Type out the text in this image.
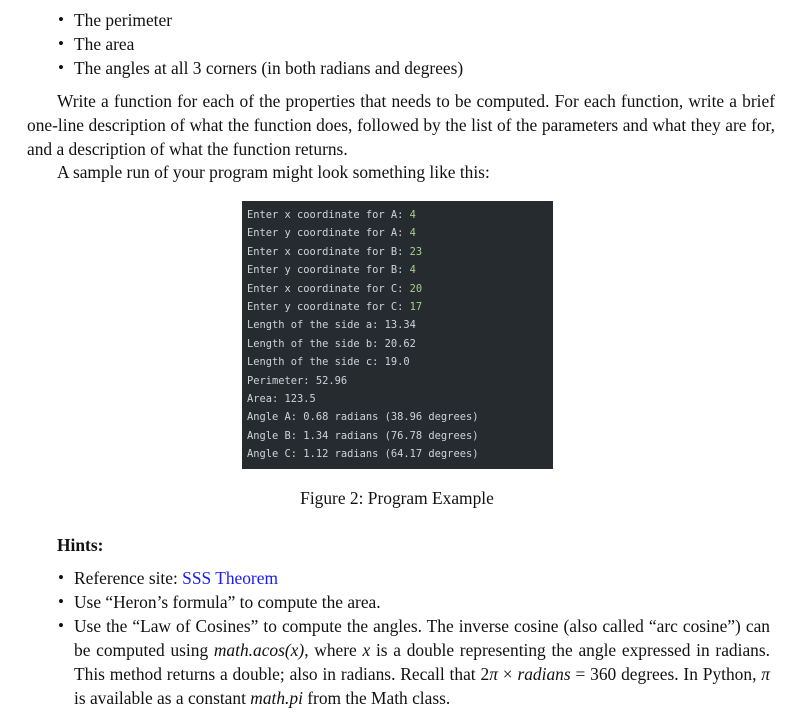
• The perimeter
• The area
• The angles at all 3 corners (in both radians and degrees)

Write a function for each of the properties that needs to be computed. For each function, write a brief one-line description of what the function does, followed by the list of the parameters and what they are for, and a description of what the function returns.

A sample run of your program might look something like this:

Enter x coordinate for A: 4
Enter y coordinate for A: 4
Enter x coordinate for B: 23
Enter y coordinate for B: 4
Enter x coordinate for C: 20
Enter y coordinate for C: 17
Length of the side a: 13.34
Length of the side b: 20.62
Length of the side c: 19.0
Perimeter: 52.96
Area: 123.5
Angle A: 0.68 radians (38.96 degrees)
Angle B: 1.34 radians (76.78 degrees)
Angle C: 1.12 radians (64.17 degrees)
Figure 2: Program Example
Hints:
• Reference site: SSS Theorem
• Use “Heron’s formula” to compute the area.
• Use the “Law of Cosines” to compute the angles. The inverse cosine (also called “arc cosine”) can be computed using math.acos(x), where x is a double representing the angle expressed in radians. This method returns a double; also in radians. Recall that 2π × radians = 360 degrees. In Python, π is available as a constant math.pi from the Math class.
